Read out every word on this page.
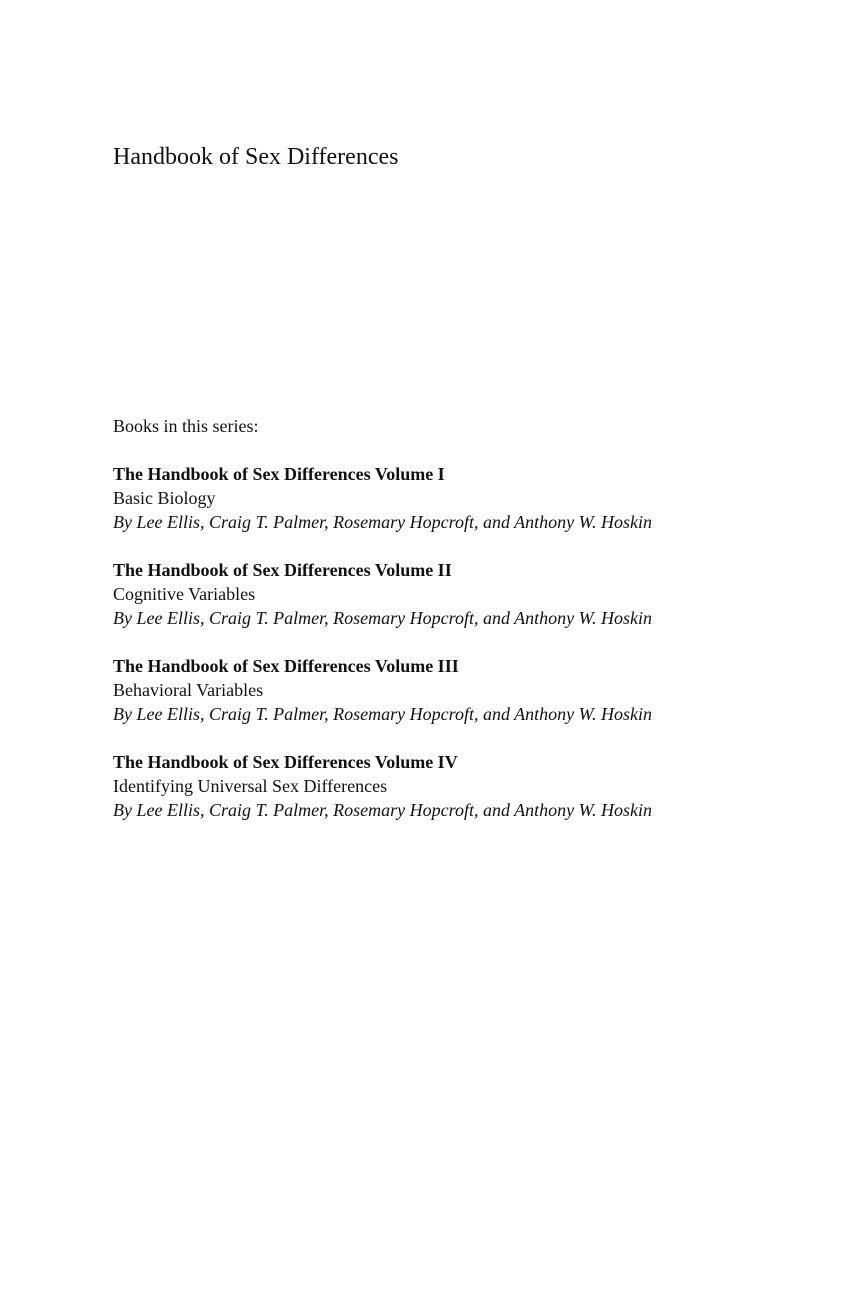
Handbook of Sex Differences

Books in this series:

The Handbook of Sex Differences Volume I
Basic Biology
By Lee Ellis, Craig T. Palmer, Rosemary Hopcroft, and Anthony W. Hoskin
The Handbook of Sex Differences Volume II
Cognitive Variables
By Lee Ellis, Craig T. Palmer, Rosemary Hopcroft, and Anthony W. Hoskin
The Handbook of Sex Differences Volume III
Behavioral Variables
By Lee Ellis, Craig T. Palmer, Rosemary Hopcroft, and Anthony W. Hoskin
The Handbook of Sex Differences Volume IV
Identifying Universal Sex Differences
By Lee Ellis, Craig T. Palmer, Rosemary Hopcroft, and Anthony W. Hoskin
